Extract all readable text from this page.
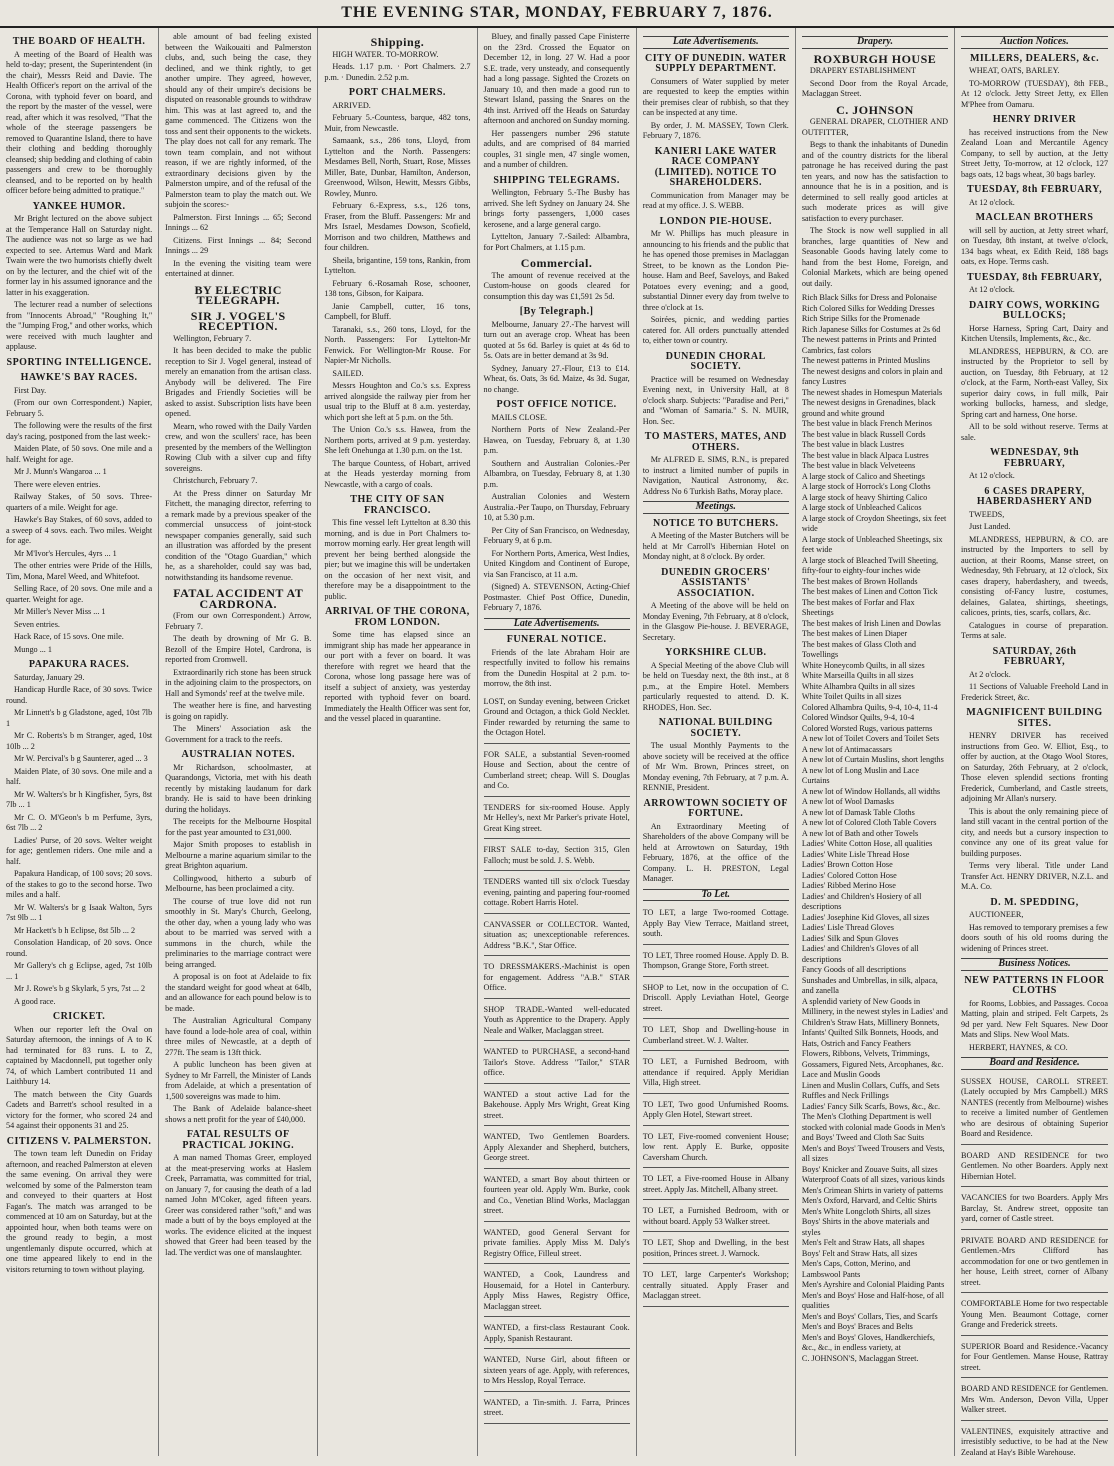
THE EVENING STAR, MONDAY, FEBRUARY 7, 1876.
THE BOARD OF HEALTH.
A meeting of the Board of Health was held to-day; present, the Superintendent (in the chair), Messrs Reid and Davie. The Health Officer's report on the arrival of the Corona, with typhoid fever on board, and the report by the master of the vessel, were read, after which it was resolved, "That the whole of the steerage passengers be removed to Quarantine Island, there to have their clothing and bedding thoroughly cleansed; ship bedding and clothing of cabin passengers and crew to be thoroughly cleansed, and to be reported on by health officer before being admitted to pratique."
YANKEE HUMOR.
Mr Bright lectured on the above subject at the Temperance Hall on Saturday night. The audience was not so large as we had expected to see. Artemus Ward and Mark Twain were the two humorists chiefly dwelt on by the lecturer, and the chief wit of the former lay in his assumed ignorance and the latter in his exaggeration.
The lecturer read a number of selections from "Innocents Abroad," "Roughing It," the "Jumping Frog," and other works, which were received with much laughter and applause.
SPORTING INTELLIGENCE.
HAWKE'S BAY RACES.
First Day.
(From our own Correspondent.) Napier, February 5.
The following were the results of the first day's racing, postponed from the last week:-
Maiden Plate, of 50 sovs. One mile and a half. Weight for age.
Mr J. Munn's Wangaroa ... 1
There were eleven entries.
Railway Stakes, of 50 sovs. Three-quarters of a mile. Weight for age.
Hawke's Bay Stakes, of 60 sovs, added to a sweep of 4 sovs. each. Two miles. Weight for age.
Mr M'Ivor's Hercules, 4yrs ... 1
The other entries were Pride of the Hills, Tim, Mona, Marel Weed, and Whitefoot.
Selling Race, of 20 sovs. One mile and a quarter. Weight for age.
Mr Miller's Never Miss ... 1
Seven entries.
Hack Race, of 15 sovs. One mile.
Mungo ... 1
PAPAKURA RACES.
Saturday, January 29.
Handicap Hurdle Race, of 30 sovs. Twice round.
Mr Linnett's b g Gladstone, aged, 10st 7lb 1
Mr C. Roberts's b m Stranger, aged, 10st 10lb ... 2
Mr W. Percival's b g Saunterer, aged ... 3
Maiden Plate, of 30 sovs. One mile and a half.
Mr W. Walters's br h Kingfisher, 5yrs, 8st 7lb ... 1
Mr C. O. M'Geon's b m Perfume, 3yrs, 6st 7lb ... 2
Ladies' Purse, of 20 sovs. Welter weight for age; gentlemen riders. One mile and a half.
Papakura Handicap, of 100 sovs; 20 sovs. of the stakes to go to the second horse. Two miles and a half.
Mr W. Walters's br g Isaak Walton, 5yrs 7st 9lb ... 1
Mr Hackett's b h Eclipse, 8st 5lb ... 2
Consolation Handicap, of 20 sovs. Once round.
Mr Gallery's ch g Eclipse, aged, 7st 10lb ... 1
Mr J. Rowe's b g Skylark, 5 yrs, 7st ... 2
A good race.
CRICKET.
When our reporter left the Oval on Saturday afternoon, the innings of A to K had terminated for 83 runs. L to Z, captained by Macdonnell, put together only 74, of which Lambert contributed 11 and Laithbury 14.
The match between the City Guards Cadets and Barrett's school resulted in a victory for the former, who scored 24 and 54 against their opponents 31 and 25.
CITIZENS V. PALMERSTON.
The town team left Dunedin on Friday afternoon, and reached Palmerston at eleven the same evening. On arrival they were welcomed by some of the Palmerston team and conveyed to their quarters at Host Fagan's. The match was arranged to be commenced at 10 am on Saturday, but at the appointed hour, when both teams were on the ground ready to begin, a most ungentlemanly dispute occurred, which at one time appeared likely to end in the visitors returning to town without playing.
able amount of bad feeling existed between the Waikouaiti and Palmerston clubs, and, such being the case, they declined, and we think rightly, to get another umpire. They agreed, however, should any of their umpire's decisions be disputed on reasonable grounds to withdraw him. This was at last agreed to, and the game commenced. The Citizens won the toss and sent their opponents to the wickets. The play does not call for any remark. The town team complain, and not without reason, if we are rightly informed, of the extraordinary decisions given by the Palmerston umpire, and of the refusal of the Palmerston team to play the match out. We subjoin the scores:-
Palmerston. First Innings ... 65; Second Innings ... 62
Citizens. First Innings ... 84; Second Innings ... 29
In the evening the visiting team were entertained at dinner.
BY ELECTRIC TELEGRAPH.
SIR J. VOGEL'S RECEPTION.
Wellington, February 7.
It has been decided to make the public reception to Sir J. Vogel general, instead of merely an emanation from the artisan class. Anybody will be delivered. The Fire Brigades and Friendly Societies will be asked to assist. Subscription lists have been opened.
Mearn, who rowed with the Daily Varden crew, and won the scullers' race, has been presented by the members of the Wellington Rowing Club with a silver cup and fifty sovereigns.
Christchurch, February 7.
At the Press dinner on Saturday Mr Fitchett, the managing director, referring to a remark made by a previous speaker of the commercial unsuccess of joint-stock newspaper companies generally, said such an illustration was afforded by the present condition of the "Otago Guardian," which he, as a shareholder, could say was bad, notwithstanding its handsome revenue.
FATAL ACCIDENT AT CARDRONA.
(From our own Correspondent.) Arrow, February 7.
The death by drowning of Mr G. B. Bezoll of the Empire Hotel, Cardrona, is reported from Cromwell.
Extraordinarily rich stone has been struck in the adjoining claim to the prospectors, on Hall and Symonds' reef at the twelve mile.
The weather here is fine, and harvesting is going on rapidly.
The Miners' Association ask the Government for a track to the reefs.
AUSTRALIAN NOTES.
Mr Richardson, schoolmaster, at Quarandongs, Victoria, met with his death recently by mistaking laudanum for dark brandy. He is said to have been drinking during the holidays.
The receipts for the Melbourne Hospital for the past year amounted to £31,000.
Major Smith proposes to establish in Melbourne a marine aquarium similar to the great Brighton aquarium.
Collingwood, hitherto a suburb of Melbourne, has been proclaimed a city.
The course of true love did not run smoothly in St. Mary's Church, Geelong, the other day, when a young lady who was about to be married was served with a summons in the church, while the preliminaries to the marriage contract were being arranged.
A proposal is on foot at Adelaide to fix the standard weight for good wheat at 64lb, and an allowance for each pound below is to be made.
The Australian Agricultural Company have found a lode-hole area of coal, within three miles of Newcastle, at a depth of 277ft. The seam is 13ft thick.
A public luncheon has been given at Sydney to Mr Farrell, the Minister of Lands from Adelaide, at which a presentation of 1,500 sovereigns was made to him.
The Bank of Adelaide balance-sheet shows a nett profit for the year of £40,000.
FATAL RESULTS OF PRACTICAL JOKING.
A man named Thomas Greer, employed at the meat-preserving works at Haslem Creek, Parramatta, was committed for trial, on January 7, for causing the death of a lad named John M'Coker, aged fifteen years. Greer was considered rather "soft," and was made a butt of by the boys employed at the works. The evidence elicited at the inquest showed that Greer had been teased by the lad. The verdict was one of manslaughter.
Shipping.
HIGH WATER. TO-MORROW.
Heads. 1.17 p.m. · Port Chalmers. 2.7 p.m. · Dunedin. 2.52 p.m.
PORT CHALMERS.
ARRIVED.
February 5.-Countess, barque, 482 tons, Muir, from Newcastle.
Samaank, s.s., 286 tons, Lloyd, from Lyttelton and the North. Passengers: Mesdames Bell, North, Stuart, Rose, Misses Miller, Bate, Dunbar, Hamilton, Anderson, Greenwood, Wilson, Hewitt, Messrs Gibbs, Rowley, Munro.
February 6.-Express, s.s., 126 tons, Fraser, from the Bluff. Passengers: Mr and Mrs Israel, Mesdames Dowson, Scofield, Morrison and two children, Matthews and four children.
Sheila, brigantine, 159 tons, Rankin, from Lyttelton.
February 6.-Rosamah Rose, schooner, 138 tons, Gibson, for Kaipara.
Janie Campbell, cutter, 16 tons, Campbell, for Bluff.
Taranaki, s.s., 260 tons, Lloyd, for the North. Passengers: For Lyttelton-Mr Fenwick. For Wellington-Mr Rouse. For Napier-Mr Nicholls.
SAILED.
Messrs Houghton and Co.'s s.s. Express arrived alongside the railway pier from her usual trip to the Bluff at 8 a.m. yesterday, which port she left at 5 p.m. on the 5th.
The Union Co.'s s.s. Hawea, from the Northern ports, arrived at 9 p.m. yesterday. She left Onehunga at 1.30 p.m. on the 1st.
The barque Countess, of Hobart, arrived at the Heads yesterday morning from Newcastle, with a cargo of coals.
THE CITY OF SAN FRANCISCO.
This fine vessel left Lyttelton at 8.30 this morning, and is due in Port Chalmers to-morrow morning early. Her great length will prevent her being berthed alongside the pier; but we imagine this will be undertaken on the occasion of her next visit, and therefore may be a disappointment to the public.
ARRIVAL OF THE CORONA, FROM LONDON.
Some time has elapsed since an immigrant ship has made her appearance in our port with a fever on board. It was therefore with regret we heard that the Corona, whose long passage here was of itself a subject of anxiety, was yesterday reported with typhoid fever on board. Immediately the Health Officer was sent for, and the vessel placed in quarantine.
Bluey, and finally passed Cape Finisterre on the 23rd. Crossed the Equator on December 12, in long. 27 W. Had a poor S.E. trade, very unsteady, and consequently had a long passage. Sighted the Crozets on January 10, and then made a good run to Stewart Island, passing the Snares on the 4th inst. Arrived off the Heads on Saturday afternoon and anchored on Sunday morning.
Her passengers number 296 statute adults, and are comprised of 84 married couples, 31 single men, 47 single women, and a number of children.
SHIPPING TELEGRAMS.
Wellington, February 5.-The Busby has arrived. She left Sydney on January 24. She brings forty passengers, 1,000 cases kerosene, and a large general cargo.
Lyttelton, January 7.-Sailed: Albambra, for Port Chalmers, at 1.15 p.m.
Commercial.
The amount of revenue received at the Custom-house on goods cleared for consumption this day was £1,591 2s 5d.
[By Telegraph.]
Melbourne, January 27.-The harvest will turn out an average crop. Wheat has been quoted at 5s 6d. Barley is quiet at 4s 6d to 5s. Oats are in better demand at 3s 9d.
Sydney, January 27.-Flour, £13 to £14. Wheat, 6s. Oats, 3s 6d. Maize, 4s 3d. Sugar, no change.
POST OFFICE NOTICE.
MAILS CLOSE.
Northern Ports of New Zealand.-Per Hawea, on Tuesday, February 8, at 1.30 p.m.
Southern and Australian Colonies.-Per Albambra, on Tuesday, February 8, at 1.30 p.m.
Australian Colonies and Western Australia.-Per Taupo, on Thursday, February 10, at 5.30 p.m.
Per City of San Francisco, on Wednesday, February 9, at 6 p.m.
For Northern Ports, America, West Indies, United Kingdom and Continent of Europe, via San Francisco, at 11 a.m.
(Signed) A. STEVENSON, Acting-Chief Postmaster. Chief Post Office, Dunedin, February 7, 1876.
Late Advertisements.
FUNERAL NOTICE.
Friends of the late Abraham Hoir are respectfully invited to follow his remains from the Dunedin Hospital at 2 p.m. to-morrow, the 8th inst.
LOST, on Sunday evening, between Cricket Ground and Octagon, a thick Gold Necklet. Finder rewarded by returning the same to the Octagon Hotel.
FOR SALE, a substantial Seven-roomed House and Section, about the centre of Cumberland street; cheap. Will S. Douglas and Co.
TENDERS for six-roomed House. Apply Mr Helley's, next Mr Parker's private Hotel, Great King street.
FIRST SALE to-day, Section 315, Glen Falloch; must be sold. J. S. Webb.
TENDERS wanted till six o'clock Tuesday evening, painting and papering four-roomed cottage. Robert Harris Hotel.
CANVASSER or COLLECTOR. Wanted, situation as; unexceptionable references. Address "B.K.", Star Office.
TO DRESSMAKERS.-Machinist is open for engagement. Address "A.B." STAR Office.
SHOP TRADE.-Wanted well-educated Youth as Apprentice to the Drapery. Apply Neale and Walker, Maclaggan street.
WANTED to PURCHASE, a second-hand Tailor's Stove. Address "Tailor," STAR office.
WANTED a stout active Lad for the Bakehouse. Apply Mrs Wright, Great King street.
WANTED, Two Gentlemen Boarders. Apply Alexander and Shepherd, butchers, George street.
WANTED, a smart Boy about thirteen or fourteen year old. Apply Wm. Burke, cook and Co., Venetian Blind Works, Maclaggan street.
WANTED, good General Servant for private families. Apply Miss M. Daly's Registry Office, Filleul street.
WANTED, a Cook, Laundress and Housemaid, for a Hotel in Canterbury. Apply Miss Hawes, Registry Office, Maclaggan street.
WANTED, a first-class Restaurant Cook. Apply, Spanish Restaurant.
WANTED, Nurse Girl, about fifteen or sixteen years of age. Apply, with references, to Mrs Hesslop, Royal Terrace.
WANTED, a Tin-smith. J. Farra, Princes street.
Late Advertisements.
CITY OF DUNEDIN. WATER SUPPLY DEPARTMENT.
Consumers of Water supplied by meter are requested to keep the empties within their premises clear of rubbish, so that they can be inspected at any time.
By order, J. M. MASSEY, Town Clerk. February 7, 1876.
KANIERI LAKE WATER RACE COMPANY (LIMITED). NOTICE TO SHAREHOLDERS.
Communication from Manager may be read at my office. J. S. WEBB.
LONDON PIE-HOUSE.
Mr W. Phillips has much pleasure in announcing to his friends and the public that he has opened those premises in Maclaggan Street, to be known as the London Pie-house. Ham and Beef, Saveloys, and Baked Potatoes every evening; and a good, substantial Dinner every day from twelve to three o'clock at 1s.
Soirées, picnic, and wedding parties catered for. All orders punctually attended to, either town or country.
DUNEDIN CHORAL SOCIETY.
Practice will be resumed on Wednesday Evening next, in University Hall, at 8 o'clock sharp. Subjects: "Paradise and Peri," and "Woman of Samaria." S. N. MUIR, Hon. Sec.
TO MASTERS, MATES, AND OTHERS.
Mr ALFRED E. SIMS, R.N., is prepared to instruct a limited number of pupils in Navigation, Nautical Astronomy, &c. Address No 6 Turkish Baths, Moray place.
Meetings.
NOTICE TO BUTCHERS.
A Meeting of the Master Butchers will be held at Mr Carroll's Hibernian Hotel on Monday night, at 8 o'clock. By order.
DUNEDIN GROCERS' ASSISTANTS' ASSOCIATION.
A Meeting of the above will be held on Monday Evening, 7th February, at 8 o'clock, in the Glasgow Pie-house. J. BEVERAGE, Secretary.
YORKSHIRE CLUB.
A Special Meeting of the above Club will be held on Tuesday next, the 8th inst., at 8 p.m., at the Empire Hotel. Members particularly requested to attend. D. K. RHODES, Hon. Sec.
NATIONAL BUILDING SOCIETY.
The usual Monthly Payments to the above society will be received at the office of Mr Wm. Brown, Princes street, on Monday evening, 7th February, at 7 p.m. A. RENNIE, President.
ARROWTOWN SOCIETY OF FORTUNE.
An Extraordinary Meeting of Shareholders of the above Company will be held at Arrowtown on Saturday, 19th February, 1876, at the office of the Company. L. H. PRESTON, Legal Manager.
To Let.
TO LET, a large Two-roomed Cottage. Apply Bay View Terrace, Maitland street, south.
TO LET, Three roomed House. Apply D. B. Thompson, Grange Store, Forth street.
SHOP to Let, now in the occupation of C. Driscoll. Apply Leviathan Hotel, George street.
TO LET, Shop and Dwelling-house in Cumberland street. W. J. Walter.
TO LET, a Furnished Bedroom, with attendance if required. Apply Meridian Villa, High street.
TO LET, Two good Unfurnished Rooms. Apply Glen Hotel, Stewart street.
TO LET, Five-roomed convenient House; low rent. Apply E. Burke, opposite Caversham Church.
TO LET, a Five-roomed House in Albany street. Apply Jas. Mitchell, Albany street.
TO LET, a Furnished Bedroom, with or without board. Apply 53 Walker street.
TO LET, Shop and Dwelling, in the best position, Princes street. J. Warnock.
TO LET, large Carpenter's Workshop; centrally situated. Apply Fraser and Maclaggan street.
Drapery.
ROXBURGH HOUSE
DRAPERY ESTABLISHMENT
Second Door from the Royal Arcade, Maclaggan Street.
C. JOHNSON
GENERAL DRAPER, CLOTHIER AND OUTFITTER,
Begs to thank the inhabitants of Dunedin and of the country districts for the liberal patronage he has received during the past ten years, and now has the satisfaction to announce that he is in a position, and is determined to sell really good articles at such moderate prices as will give satisfaction to every purchaser.
The Stock is now well supplied in all branches, large quantities of New and Seasonable Goods having lately come to hand from the best Home, Foreign, and Colonial Markets, which are being opened out daily.
Rich Black Silks for Dress and Polonaise
Rich Colored Silks for Wedding Dresses
Rich Stripe Silks for the Promenade
Rich Japanese Silks for Costumes at 2s 6d
The newest patterns in Prints and Printed Cambrics, fast colors
The newest patterns in Printed Muslins
The newest designs and colors in plain and fancy Lustres
The newest shades in Homespun Materials
The newest designs in Grenadines, black ground and white ground
The best value in black French Merinos
The best value in black Russell Cords
The best value in black Lustres
The best value in black Alpaca Lustres
The best value in black Velveteens
A large stock of Calico and Sheetings
A large stock of Horrock's Long Cloths
A large stock of heavy Shirting Calico
A large stock of Unbleached Calicos
A large stock of Croydon Sheetings, six feet wide
A large stock of Unbleached Sheetings, six feet wide
A large stock of Bleached Twill Sheeting, fifty-four to eighty-four inches wide
The best makes of Brown Hollands
The best makes of Linen and Cotton Tick
The best makes of Forfar and Flax Sheetings
The best makes of Irish Linen and Dowlas
The best makes of Linen Diaper
The best makes of Glass Cloth and Towellings
White Honeycomb Quilts, in all sizes
White Marseilla Quilts in all sizes
White Alhambra Quilts in all sizes
White Toilet Quilts in all sizes
Colored Alhambra Quilts, 9-4, 10-4, 11-4
Colored Windsor Quilts, 9-4, 10-4
Colored Worsted Rugs, various patterns
A new lot of Toilet Covers and Toilet Sets
A new lot of Antimacassars
A new lot of Curtain Muslins, short lengths
A new lot of Long Muslin and Lace Curtains
A new lot of Window Hollands, all widths
A new lot of Wool Damasks
A new lot of Damask Table Cloths
A new lot of Colored Cloth Table Covers
A new lot of Bath and other Towels
Ladies' White Cotton Hose, all qualities
Ladies' White Lisle Thread Hose
Ladies' Brown Cotton Hose
Ladies' Colored Cotton Hose
Ladies' Ribbed Merino Hose
Ladies' and Children's Hosiery of all descriptions
Ladies' Josephine Kid Gloves, all sizes
Ladies' Lisle Thread Gloves
Ladies' Silk and Spun Gloves
Ladies' and Children's Gloves of all descriptions
Fancy Goods of all descriptions
Sunshades and Umbrellas, in silk, alpaca, and zanella
A splendid variety of New Goods in Millinery, in the newest styles in Ladies' and Children's Straw Hats, Millinery Bonnets, Infants' Quilted Silk Bonnets, Hoods, and Hats, Ostrich and Fancy Feathers
Flowers, Ribbons, Velvets, Trimmings, Gossamers, Figured Nets, Arcophanes, &c.
Lace and Muslin Goods
Linen and Muslin Collars, Cuffs, and Sets
Ruffles and Neck Frillings
Ladies' Fancy Silk Scarfs, Bows, &c., &c.
The Men's Clothing Department is well stocked with colonial made Goods in Men's and Boys' Tweed and Cloth Sac Suits
Men's and Boys' Tweed Trousers and Vests, all sizes
Boys' Knicker and Zouave Suits, all sizes
Waterproof Coats of all sizes, various kinds
Men's Crimean Shirts in variety of patterns
Men's Oxford, Harvard, and Celtic Shirts
Men's White Longcloth Shirts, all sizes
Boys' Shirts in the above materials and styles
Men's Felt and Straw Hats, all shapes
Boys' Felt and Straw Hats, all sizes
Men's Caps, Cotton, Merino, and Lambswool Pants
Men's Ayrshire and Colonial Plaiding Pants
Men's and Boys' Hose and Half-hose, of all qualities
Men's and Boys' Collars, Ties, and Scarfs
Men's and Boys' Braces and Belts
Men's and Boys' Gloves, Handkerchiefs, &c., &c., in endless variety, at
C. JOHNSON'S, Maclaggan Street.
Auction Notices.
MILLERS, DEALERS, &c.
WHEAT, OATS, BARLEY.
TO-MORROW (TUESDAY), 8th FEB., At 12 o'clock. Jetty Street Jetty, ex Ellen M'Phee from Oamaru.
HENRY DRIVER
has received instructions from the New Zealand Loan and Mercantile Agency Company, to sell by auction, at the Jetty Street Jetty, To-morrow, at 12 o'clock, 127 bags oats, 12 bags wheat, 30 bags barley.
TUESDAY, 8th FEBRUARY,
At 12 o'clock.
MACLEAN BROTHERS
will sell by auction, at Jetty street wharf, on Tuesday, 8th instant, at twelve o'clock, 134 bags wheat, ex Edith Reid, 188 bags oats, ex Hope. Terms cash.
TUESDAY, 8th FEBRUARY,
At 12 o'clock.
DAIRY COWS, WORKING BULLOCKS;
Horse Harness, Spring Cart, Dairy and Kitchen Utensils, Implements, &c., &c.
MLANDRESS, HEPBURN, & CO. are instructed by the Proprietor to sell by auction, on Tuesday, 8th February, at 12 o'clock, at the Farm, North-east Valley, Six superior dairy cows, in full milk, Pair working bullocks, harness, and sledge, Spring cart and harness, One horse.
All to be sold without reserve. Terms at sale.
WEDNESDAY, 9th FEBRUARY,
At 12 o'clock.
6 CASES DRAPERY, HABERDASHERY AND
TWEEDS,
Just Landed.
MLANDRESS, HEPBURN, & CO. are instructed by the Importers to sell by auction, at their Rooms, Manse street, on Wednesday, 9th February, at 12 o'clock, Six cases drapery, haberdashery, and tweeds, consisting of-Fancy lustre, costumes, delaines, Galatea, shirtings, sheetings, calicoes, prints, ties, scarfs, collars, &c.
Catalogues in course of preparation. Terms at sale.
SATURDAY, 26th FEBRUARY,
At 2 o'clock.
11 Sections of Valuable Freehold Land in Frederick Street, &c.
MAGNIFICENT BUILDING SITES.
HENRY DRIVER has received instructions from Geo. W. Elliot, Esq., to offer by auction, at the Otago Wool Stores, on Saturday, 26th February, at 2 o'clock, Those eleven splendid sections fronting Frederick, Cumberland, and Castle streets, adjoining Mr Allan's nursery.
This is about the only remaining piece of land still vacant in the central portion of the city, and needs but a cursory inspection to convince any one of its great value for building purposes.
Terms very liberal. Title under Land Transfer Act. HENRY DRIVER, N.Z.L. and M.A. Co.
D. M. SPEDDING,
AUCTIONEER,
Has removed to temporary premises a few doors south of his old rooms during the widening of Princes street.
Business Notices.
NEW PATTERNS IN FLOOR CLOTHS
for Rooms, Lobbies, and Passages. Cocoa Matting, plain and striped. Felt Carpets, 2s 9d per yard. New Felt Squares. New Door Mats and Slips. New Wool Mats.
HERBERT, HAYNES, & CO.
Board and Residence.
SUSSEX HOUSE, CAROLL STREET. (Lately occupied by Mrs Campbell.) MRS NANTES (recently from Melbourne) wishes to receive a limited number of Gentlemen who are desirous of obtaining Superior Board and Residence.
BOARD AND RESIDENCE for two Gentlemen. No other Boarders. Apply next Hibernian Hotel.
VACANCIES for two Boarders. Apply Mrs Barclay, St. Andrew street, opposite tan yard, corner of Castle street.
PRIVATE BOARD AND RESIDENCE for Gentlemen.-Mrs Clifford has accommodation for one or two gentlemen in her house, Leith street, corner of Albany street.
COMFORTABLE Home for two respectable Young Men. Beaumont Cottage, corner Grange and Frederick streets.
SUPERIOR Board and Residence.-Vacancy for Four Gentlemen. Manse House, Rattray street.
BOARD AND RESIDENCE for Gentlemen. Mrs Wm. Anderson, Devon Villa, Upper Walker street.
VALENTINES, exquisitely attractive and irresistibly seductive, to be had at the New Zealand at Hay's Bible Warehouse.
